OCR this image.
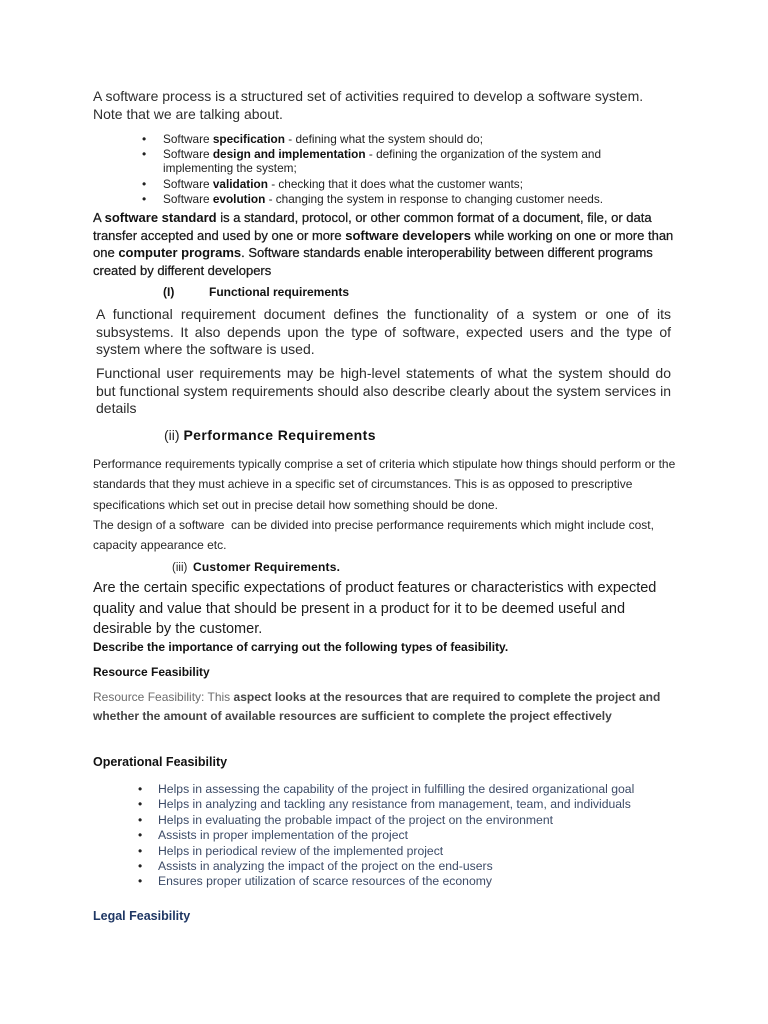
A software process is a structured set of activities required to develop a software system. Note that we are talking about.

• Software specification - defining what the system should do;
• Software design and implementation - defining the organization of the system and implementing the system;
• Software validation - checking that it does what the customer wants;
• Software evolution - changing the system in response to changing customer needs.

A software standard is a standard, protocol, or other common format of a document, file, or data transfer accepted and used by one or more software developers while working on one or more than one computer programs. Software standards enable interoperability between different programs created by different developers

(I)	Functional requirements

A functional requirement document defines the functionality of a system or one of its subsystems. It also depends upon the type of software, expected users and the type of system where the software is used.

Functional user requirements may be high-level statements of what the system should do but functional system requirements should also describe clearly about the system services in details

(ii) Performance Requirements

Performance requirements typically comprise a set of criteria which stipulate how things should perform or the standards that they must achieve in a specific set of circumstances. This is as opposed to prescriptive specifications which set out in precise detail how something should be done.

The design of a software  can be divided into precise performance requirements which might include cost, capacity appearance etc.

(iii) Customer Requirements.

Are the certain specific expectations of product features or characteristics with expected quality and value that should be present in a product for it to be deemed useful and desirable by the customer.

Describe the importance of carrying out the following types of feasibility.
Resource Feasibility

Resource Feasibility: This aspect looks at the resources that are required to complete the project and whether the amount of available resources are sufficient to complete the project effectively

Operational Feasibility
• Helps in assessing the capability of the project in fulfilling the desired organizational goal
• Helps in analyzing and tackling any resistance from management, team, and individuals
• Helps in evaluating the probable impact of the project on the environment
• Assists in proper implementation of the project
• Helps in periodical review of the implemented project
• Assists in analyzing the impact of the project on the end-users
• Ensures proper utilization of scarce resources of the economy
Legal Feasibility
